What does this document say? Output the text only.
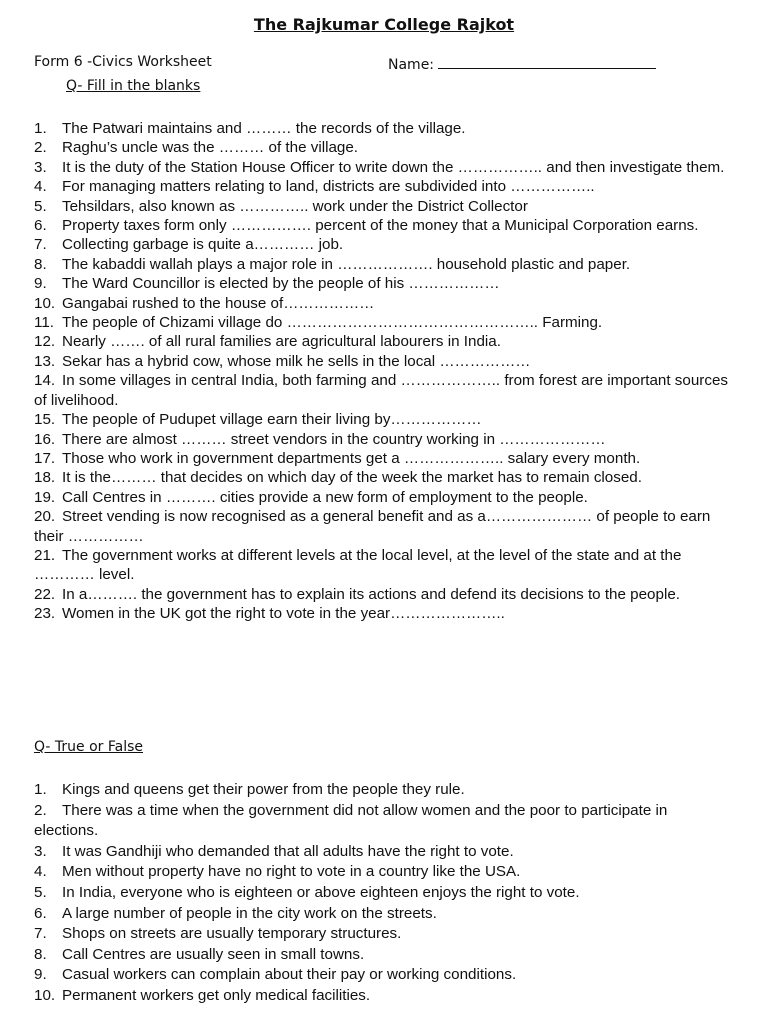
The Rajkumar College Rajkot
Form 6 -Civics Worksheet	Name:
Q- Fill in the blanks
1. The Patwari maintains and ……… the records of the village.
2. Raghu’s uncle was the ……… of the village.
3. It is the duty of the Station House Officer to write down the …………….. and then investigate them.
4. For managing matters relating to land, districts are subdivided into ……………..
5. Tehsildars, also known as ………….. work under the District Collector
6. Property taxes form only ……………. percent of the money that a Municipal Corporation earns.
7. Collecting garbage is quite a………… job.
8. The kabaddi wallah plays a major role in ………………. household plastic and paper.
9. The Ward Councillor is elected by the people of his ………………
10. Gangabai rushed to the house of………………
11. The people of Chizami village do ………………………………………….. Farming.
12. Nearly ……. of all rural families are agricultural labourers in India.
13. Sekar has a hybrid cow, whose milk he sells in the local ………………
14. In some villages in central India, both farming and ……………….. from forest are important sources of livelihood.
15. The people of Pudupet village earn their living by………………
16. There are almost ……… street vendors in the country working in …………………
17. Those who work in government departments get a ……………….. salary every month.
18. It is the……… that decides on which day of the week the market has to remain closed.
19. Call Centres in ………. cities provide a new form of employment to the people.
20. Street vending is now recognised as a general benefit and as a………………… of people to earn their ……………
21. The government works at different levels at the local level, at the level of the state and at the ………… level.
22. In a………. the government has to explain its actions and defend its decisions to the people.
23. Women in the UK got the right to vote in the year…………………..
Q- True or False
1. Kings and queens get their power from the people they rule.
2. There was a time when the government did not allow women and the poor to participate in elections.
3. It was Gandhiji who demanded that all adults have the right to vote.
4. Men without property have no right to vote in a country like the USA.
5. In India, everyone who is eighteen or above eighteen enjoys the right to vote.
6. A large number of people in the city work on the streets.
7. Shops on streets are usually temporary structures.
8. Call Centres are usually seen in small towns.
9. Casual workers can complain about their pay or working conditions.
10. Permanent workers get only medical facilities.
